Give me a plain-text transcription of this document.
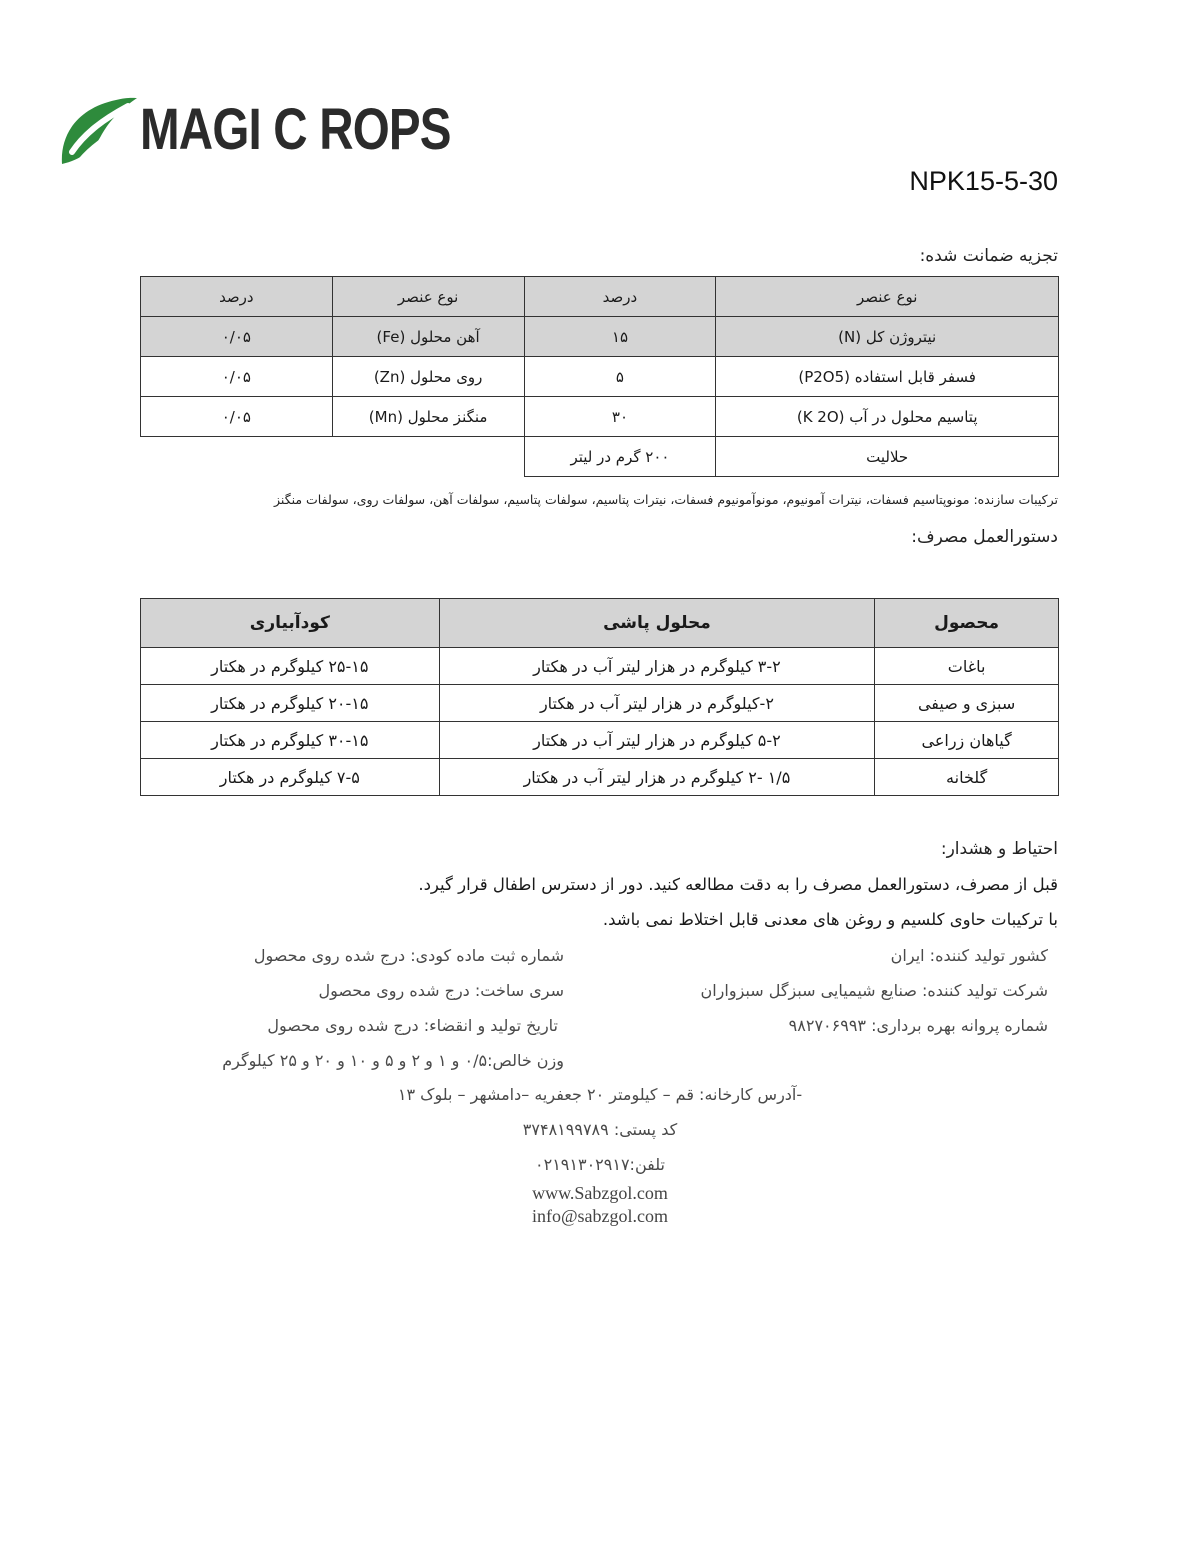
MAGI C ROPS
NPK15-5-30
تجزیه ضمانت شده:
نوع عنصر	درصد	نوع عنصر	درصد
نیتروژن کل (N)	۱۵	آهن محلول (Fe)	۰/۰۵
فسفر قابل استفاده (P2O5)	۵	روی محلول (Zn)	۰/۰۵
پتاسیم محلول در آب (K 2O)	۳۰	منگنز محلول (Mn)	۰/۰۵
حلالیت	۲۰۰ گرم در لیتر		
ترکیبات سازنده: مونوپتاسیم فسفات، نیترات آمونیوم، مونوآمونیوم فسفات، نیترات پتاسیم، سولفات پتاسیم، سولفات آهن، سولفات روی، سولفات منگنز
دستورالعمل مصرف:
محصول	محلول پاشی	کودآبیاری
باغات	۳-۲ کیلوگرم در هزار لیتر آب در هکتار	۲۵-۱۵ کیلوگرم در هکتار
سبزی و صیفی	۲-کیلوگرم در هزار لیتر آب در هکتار	۲۰-۱۵ کیلوگرم در هکتار
گیاهان زراعی	۵-۲ کیلوگرم در هزار لیتر آب در هکتار	۳۰-۱۵ کیلوگرم در هکتار
گلخانه	۱/۵ -۲ کیلوگرم در هزار لیتر آب در هکتار	۷-۵ کیلوگرم در هکتار
احتیاط و هشدار:
قبل از مصرف، دستورالعمل مصرف را به دقت مطالعه کنید. دور از دسترس اطفال قرار گیرد.
با ترکیبات حاوی کلسیم و روغن های معدنی قابل اختلاط نمی باشد.
کشور تولید کننده: ایران
شرکت تولید کننده: صنایع شیمیایی سبزگل سبزواران
شماره پروانه بهره برداری: ۹۸۲۷۰۶۹۹۳
شماره ثبت ماده کودی: درج شده روی محصول
سری ساخت: درج شده روی محصول
تاریخ تولید و انقضاء: درج شده روی محصول
وزن خالص:۰/۵ و ۱ و ۲ و ۵ و ۱۰ و ۲۰ و ۲۵ کیلوگرم
-آدرس کارخانه: قم – کیلومتر ۲۰ جعفریه –دامشهر – بلوک ۱۳
کد پستی: ۳۷۴۸۱۹۹۷۸۹
تلفن:۰۲۱۹۱۳۰۲۹۱۷
www.Sabzgol.com
info@sabzgol.com
